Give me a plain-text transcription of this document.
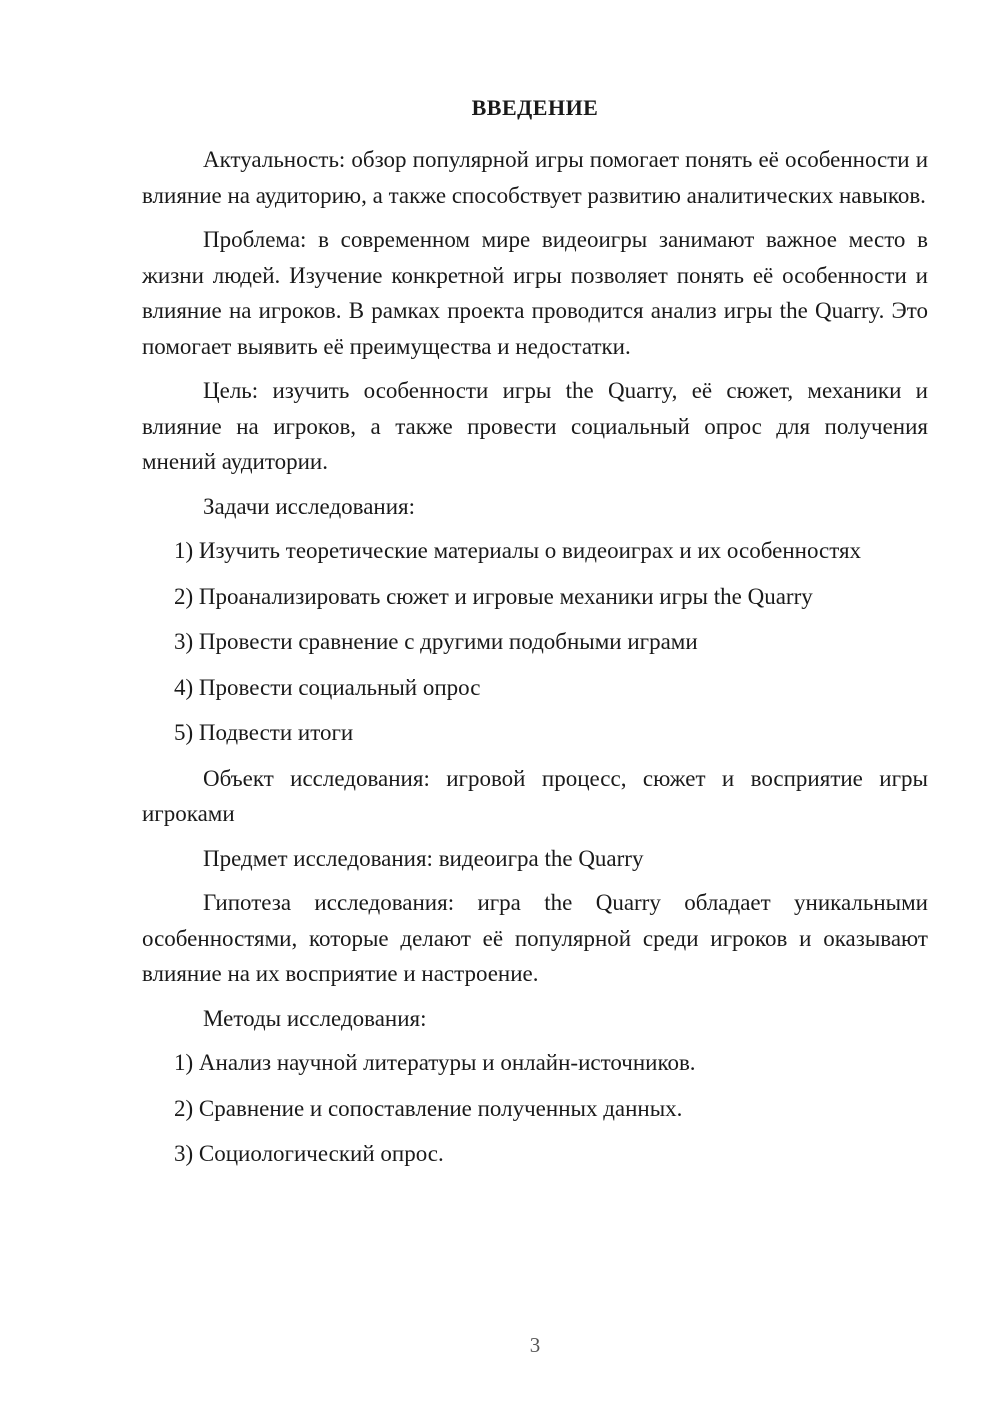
ВВЕДЕНИЕ

Актуальность: обзор популярной игры помогает понять её особенности и влияние на аудиторию, а также способствует развитию аналитических навыков.

Проблема: в современном мире видеоигры занимают важное место в жизни людей. Изучение конкретной игры позволяет понять её особенности и влияние на игроков. В рамках проекта проводится анализ игры the Quarry. Это помогает выявить её преимущества и недостатки.

Цель: изучить особенности игры the Quarry, её сюжет, механики и влияние на игроков, а также провести социальный опрос для получения мнений аудитории.

Задачи исследования:

1) Изучить теоретические материалы о видеоиграх и их особенностях
2) Проанализировать сюжет и игровые механики игры the Quarry
3) Провести сравнение с другими подобными играми
4) Провести социальный опрос
5) Подвести итоги

Объект исследования: игровой процесс, сюжет и восприятие игры игроками

Предмет исследования: видеоигра the Quarry

Гипотеза исследования: игра the Quarry обладает уникальными особенностями, которые делают её популярной среди игроков и оказывают влияние на их восприятие и настроение.

Методы исследования:

1) Анализ научной литературы и онлайн-источников.
2) Сравнение и сопоставление полученных данных.
3) Социологический опрос.
3
